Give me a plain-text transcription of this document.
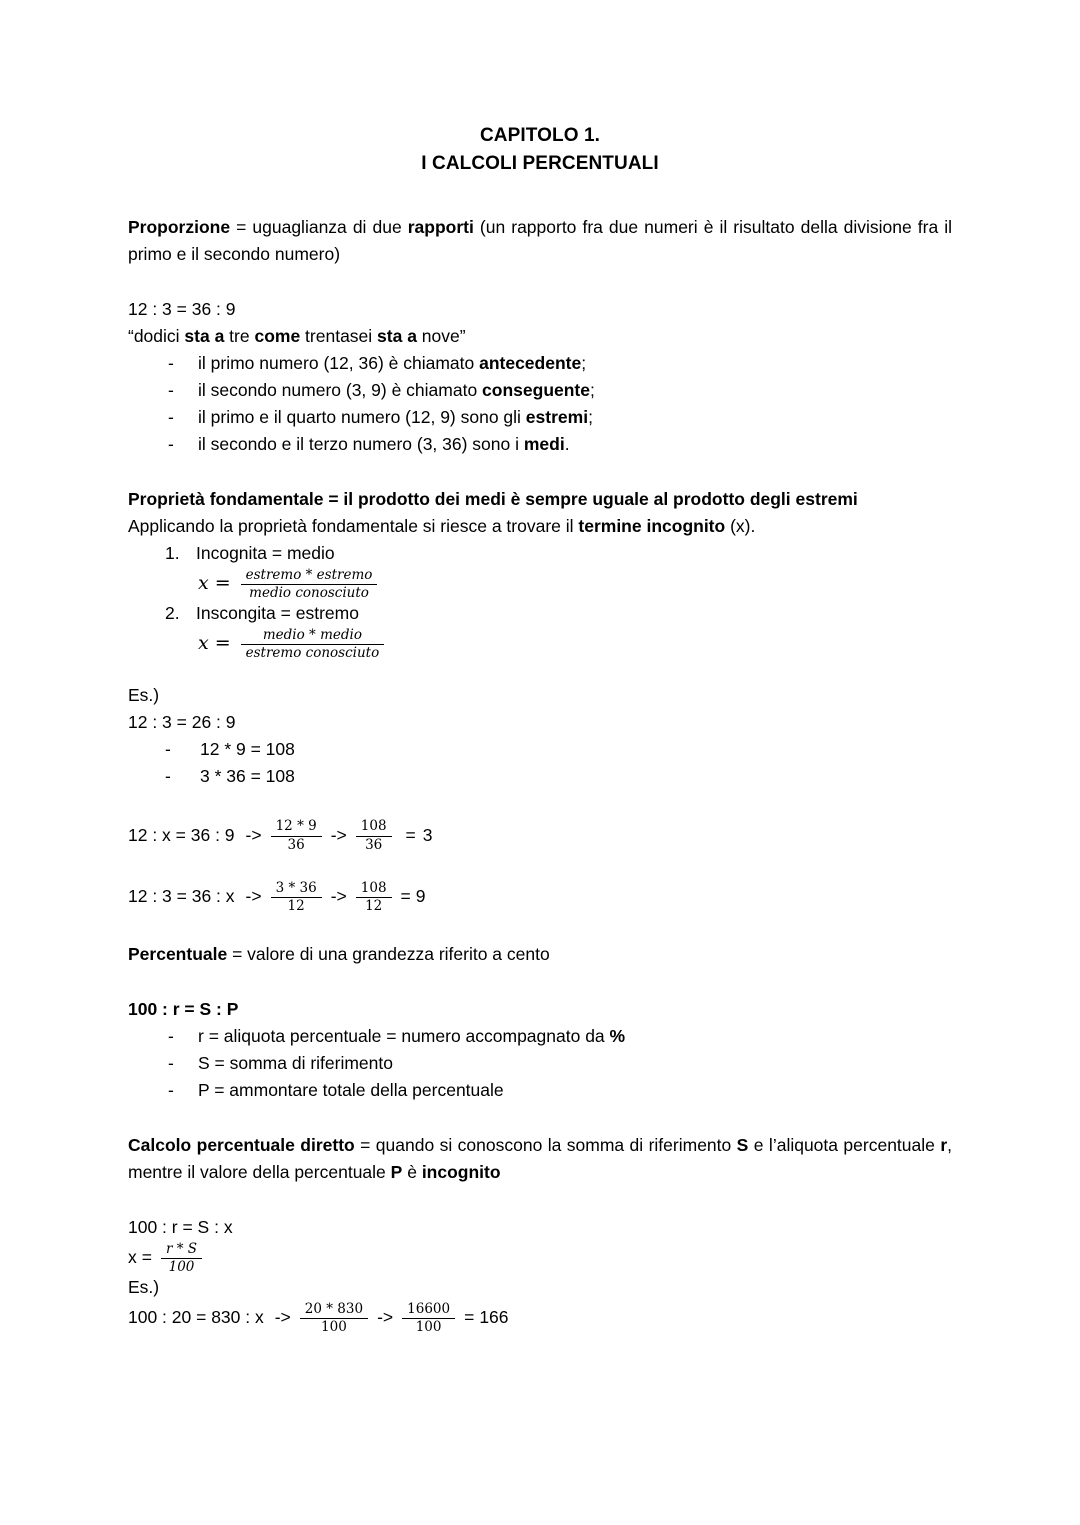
CAPITOLO 1.
I CALCOLI PERCENTUALI

Proporzione = uguaglianza di due rapporti (un rapporto fra due numeri è il risultato della divisione fra il primo e il secondo numero)

12 : 3 = 36 : 9

“dodici sta a tre come trentasei sta a nove”

- il primo numero (12, 36) è chiamato antecedente;
- il secondo numero (3, 9) è chiamato conseguente;
- il primo e il quarto numero (12, 9) sono gli estremi;
- il secondo e il terzo numero (3, 36) sono i medi.

Proprietà fondamentale = il prodotto dei medi è sempre uguale al prodotto degli estremi

Applicando la proprietà fondamentale si riesce a trovare il termine incognito (x).

1. Incognita = medio
$x = \frac{\text{estremo * estremo}}{\text{medio conosciuto}}$
2. Inscongita = estremo
$x = \frac{\text{medio * medio}}{\text{estremo conosciuto}}$

Es.)

12 : 3 = 26 : 9

- 12 * 9 = 108
- 3 * 36 = 108
12 : x = 36 : $9 -> \frac{12 * 9}{36} -> \frac{108}{36} = 3$
12 : 3 = 36 : $x -> \frac{3 * 36}{12} -> \frac{108}{12} = 9$

Percentuale = valore di una grandezza riferito a cento

100 : r = S : P

- r = aliquota percentuale = numero accompagnato da %
- S = somma di riferimento
- P = ammontare totale della percentuale

Calcolo percentuale diretto = quando si conoscono la somma di riferimento S e l’aliquota percentuale r, mentre il valore della percentuale P è incognito

100 : r = S : x

$x = \frac{r * S}{100}$

Es.)

100 : 20 = 830 : $x -> \frac{20 * 830}{100} -> \frac{16600}{100} = 166$
